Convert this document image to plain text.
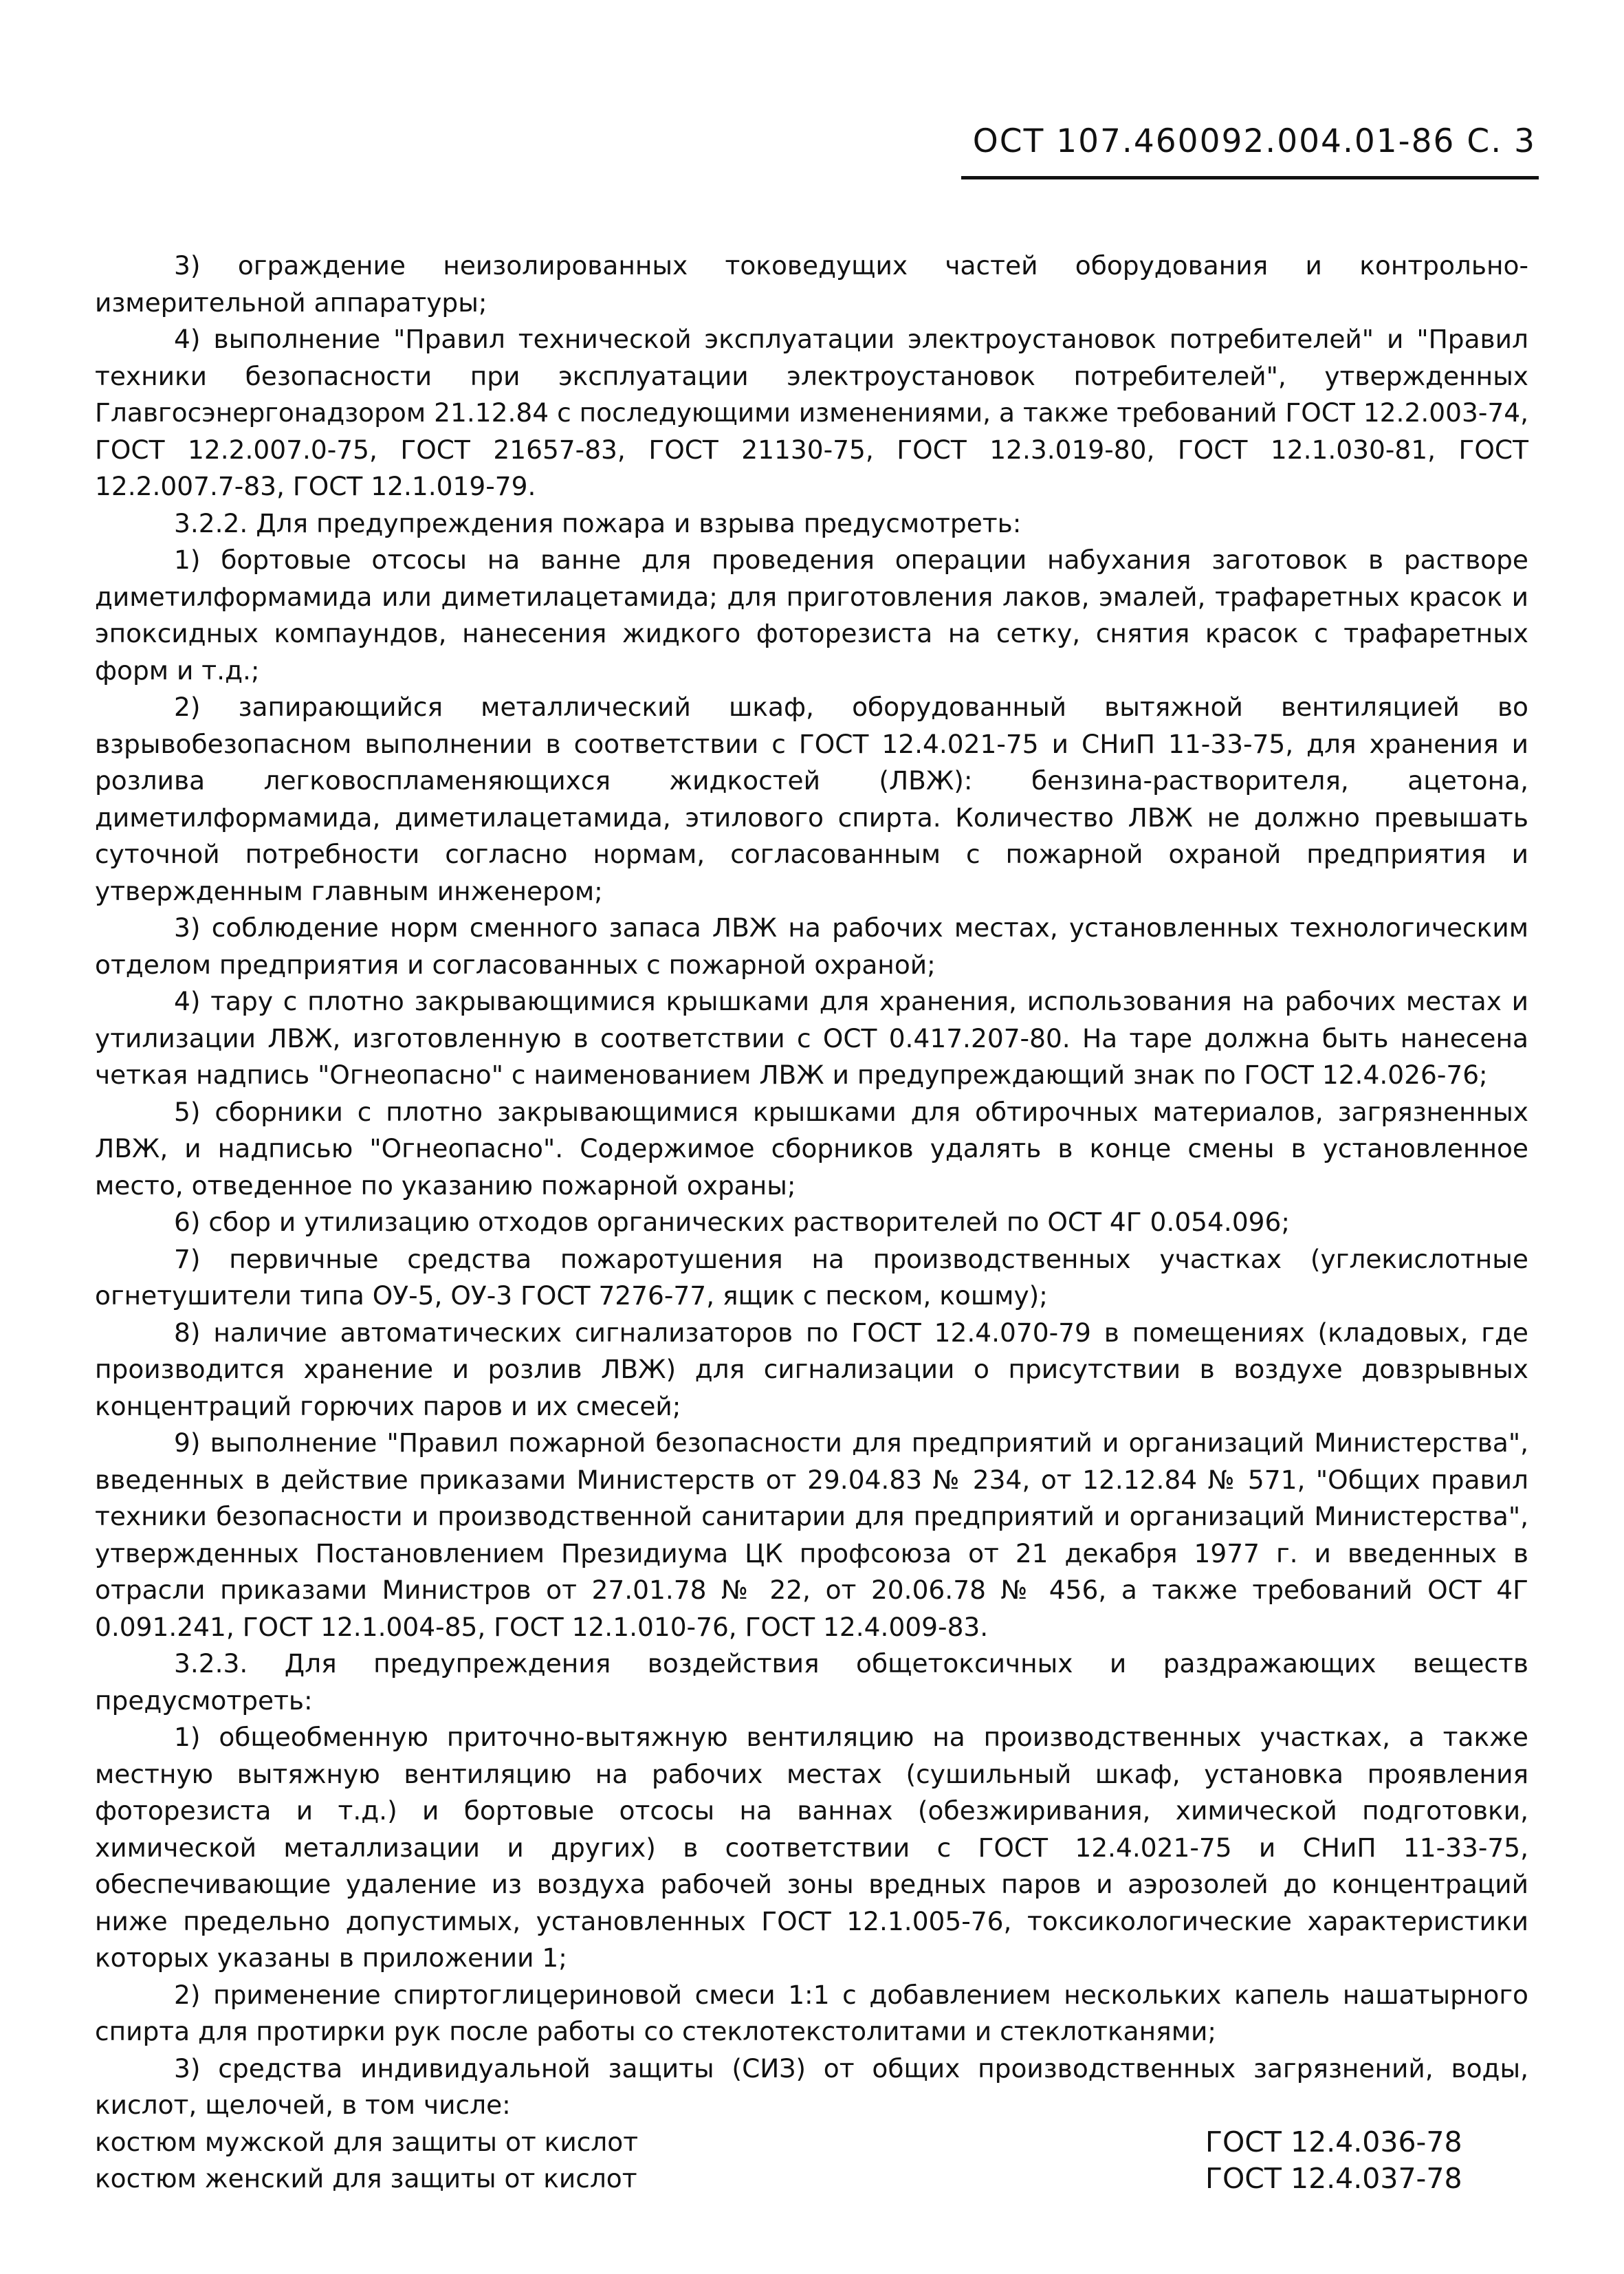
ОСТ 107.460092.004.01-86 С. 3

3) ограждение неизолированных токоведущих частей оборудования и контрольно-измерительной аппаратуры;

4) выполнение "Правил технической эксплуатации электроустановок потребителей" и "Правил техники безопасности при эксплуатации электроустановок потребителей", утвержденных Главгосэнергонадзором 21.12.84 с последующими изменениями, а также требований ГОСТ 12.2.003-74, ГОСТ 12.2.007.0-75, ГОСТ 21657-83, ГОСТ 21130-75, ГОСТ 12.3.019-80, ГОСТ 12.1.030-81, ГОСТ 12.2.007.7-83, ГОСТ 12.1.019-79.

3.2.2. Для предупреждения пожара и взрыва предусмотреть:

1) бортовые отсосы на ванне для проведения операции набухания заготовок в растворе диметилформамида или диметилацетамида; для приготовления лаков, эмалей, трафаретных красок и эпоксидных компаундов, нанесения жидкого фоторезиста на сетку, снятия красок с трафаретных форм и т.д.;

2) запирающийся металлический шкаф, оборудованный вытяжной вентиляцией во взрывобезопасном выполнении в соответствии с ГОСТ 12.4.021-75 и СНиП 11-33-75, для хранения и розлива легковоспламеняющихся жидкостей (ЛВЖ): бензина-растворителя, ацетона, диметилформамида, диметилацетамида, этилового спирта. Количество ЛВЖ не должно превышать суточной потребности согласно нормам, согласованным с пожарной охраной предприятия и утвержденным главным инженером;

3) соблюдение норм сменного запаса ЛВЖ на рабочих местах, установленных технологическим отделом предприятия и согласованных с пожарной охраной;

4) тару с плотно закрывающимися крышками для хранения, использования на рабочих местах и утилизации ЛВЖ, изготовленную в соответствии с ОСТ 0.417.207-80. На таре должна быть нанесена четкая надпись "Огнеопасно" с наименованием ЛВЖ и предупреждающий знак по ГОСТ 12.4.026-76;

5) сборники с плотно закрывающимися крышками для обтирочных материалов, загрязненных ЛВЖ, и надписью "Огнеопасно". Содержимое сборников удалять в конце смены в установленное место, отведенное по указанию пожарной охраны;

6) сбор и утилизацию отходов органических растворителей по ОСТ 4Г 0.054.096;

7) первичные средства пожаротушения на производственных участках (углекислотные огнетушители типа ОУ-5, ОУ-3 ГОСТ 7276-77, ящик с песком, кошму);

8) наличие автоматических сигнализаторов по ГОСТ 12.4.070-79 в помещениях (кладовых, где производится хранение и розлив ЛВЖ) для сигнализации о присутствии в воздухе довзрывных концентраций горючих паров и их смесей;

9) выполнение "Правил пожарной безопасности для предприятий и организаций Министерства", введенных в действие приказами Министерств от 29.04.83 № 234, от 12.12.84 № 571, "Общих правил техники безопасности и производственной санитарии для предприятий и организаций Министерства", утвержденных Постановлением Президиума ЦК профсоюза от 21 декабря 1977 г. и введенных в отрасли приказами Министров от 27.01.78 № 22, от 20.06.78 № 456, а также требований ОСТ 4Г 0.091.241, ГОСТ 12.1.004-85, ГОСТ 12.1.010-76, ГОСТ 12.4.009-83.

3.2.3. Для предупреждения воздействия общетоксичных и раздражающих веществ предусмотреть:

1) общеобменную приточно-вытяжную вентиляцию на производственных участках, а также местную вытяжную вентиляцию на рабочих местах (сушильный шкаф, установка проявления фоторезиста и т.д.) и бортовые отсосы на ваннах (обезжиривания, химической подготовки, химической металлизации и других) в соответствии с ГОСТ 12.4.021-75 и СНиП 11-33-75, обеспечивающие удаление из воздуха рабочей зоны вредных паров и аэрозолей до концентраций ниже предельно допустимых, установленных ГОСТ 12.1.005-76, токсикологические характеристики которых указаны в приложении 1;

2) применение спиртоглицериновой смеси 1:1 с добавлением нескольких капель нашатырного спирта для протирки рук после работы со стеклотекстолитами и стеклотканями;

3) средства индивидуальной защиты (СИЗ) от общих производственных загрязнений, воды, кислот, щелочей, в том числе:

костюм мужской для защиты от кислот	ГОСТ 12.4.036-78
костюм женский для защиты от кислот	ГОСТ 12.4.037-78
